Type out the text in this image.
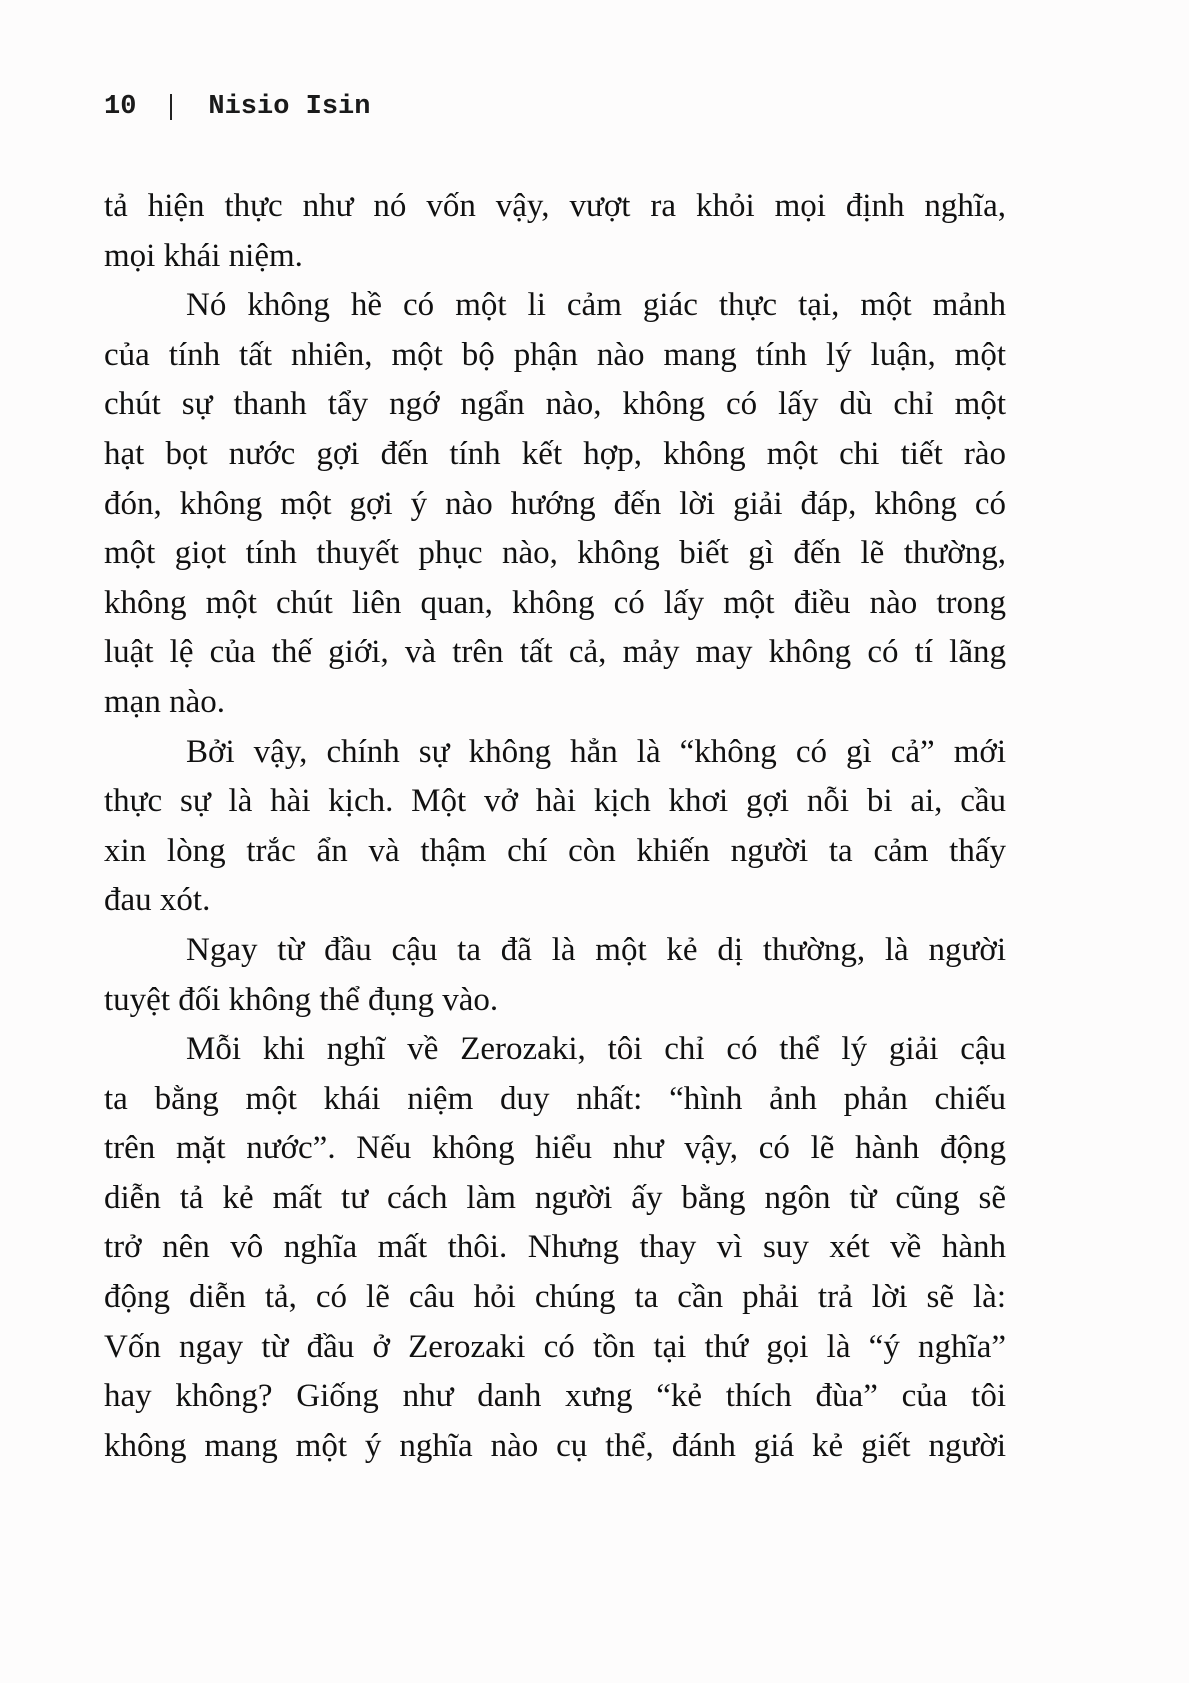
10	Nisio Isin
tả hiện thực như nó vốn vậy, vượt ra khỏi mọi định nghĩa,
mọi khái niệm.
Nó không hề có một li cảm giác thực tại, một mảnh
của tính tất nhiên, một bộ phận nào mang tính lý luận, một
chút sự thanh tẩy ngớ ngẩn nào, không có lấy dù chỉ một
hạt bọt nước gợi đến tính kết hợp, không một chi tiết rào
đón, không một gợi ý nào hướng đến lời giải đáp, không có
một giọt tính thuyết phục nào, không biết gì đến lẽ thường,
không một chút liên quan, không có lấy một điều nào trong
luật lệ của thế giới, và trên tất cả, mảy may không có tí lãng
mạn nào.
Bởi vậy, chính sự không hẳn là “không có gì cả” mới
thực sự là hài kịch. Một vở hài kịch khơi gợi nỗi bi ai, cầu
xin lòng trắc ẩn và thậm chí còn khiến người ta cảm thấy
đau xót.
Ngay từ đầu cậu ta đã là một kẻ dị thường, là người
tuyệt đối không thể đụng vào.
Mỗi khi nghĩ về Zerozaki, tôi chỉ có thể lý giải cậu
ta bằng một khái niệm duy nhất: “hình ảnh phản chiếu
trên mặt nước”. Nếu không hiểu như vậy, có lẽ hành động
diễn tả kẻ mất tư cách làm người ấy bằng ngôn từ cũng sẽ
trở nên vô nghĩa mất thôi. Nhưng thay vì suy xét về hành
động diễn tả, có lẽ câu hỏi chúng ta cần phải trả lời sẽ là:
Vốn ngay từ đầu ở Zerozaki có tồn tại thứ gọi là “ý nghĩa”
hay không? Giống như danh xưng “kẻ thích đùa” của tôi
không mang một ý nghĩa nào cụ thể, đánh giá kẻ giết người
